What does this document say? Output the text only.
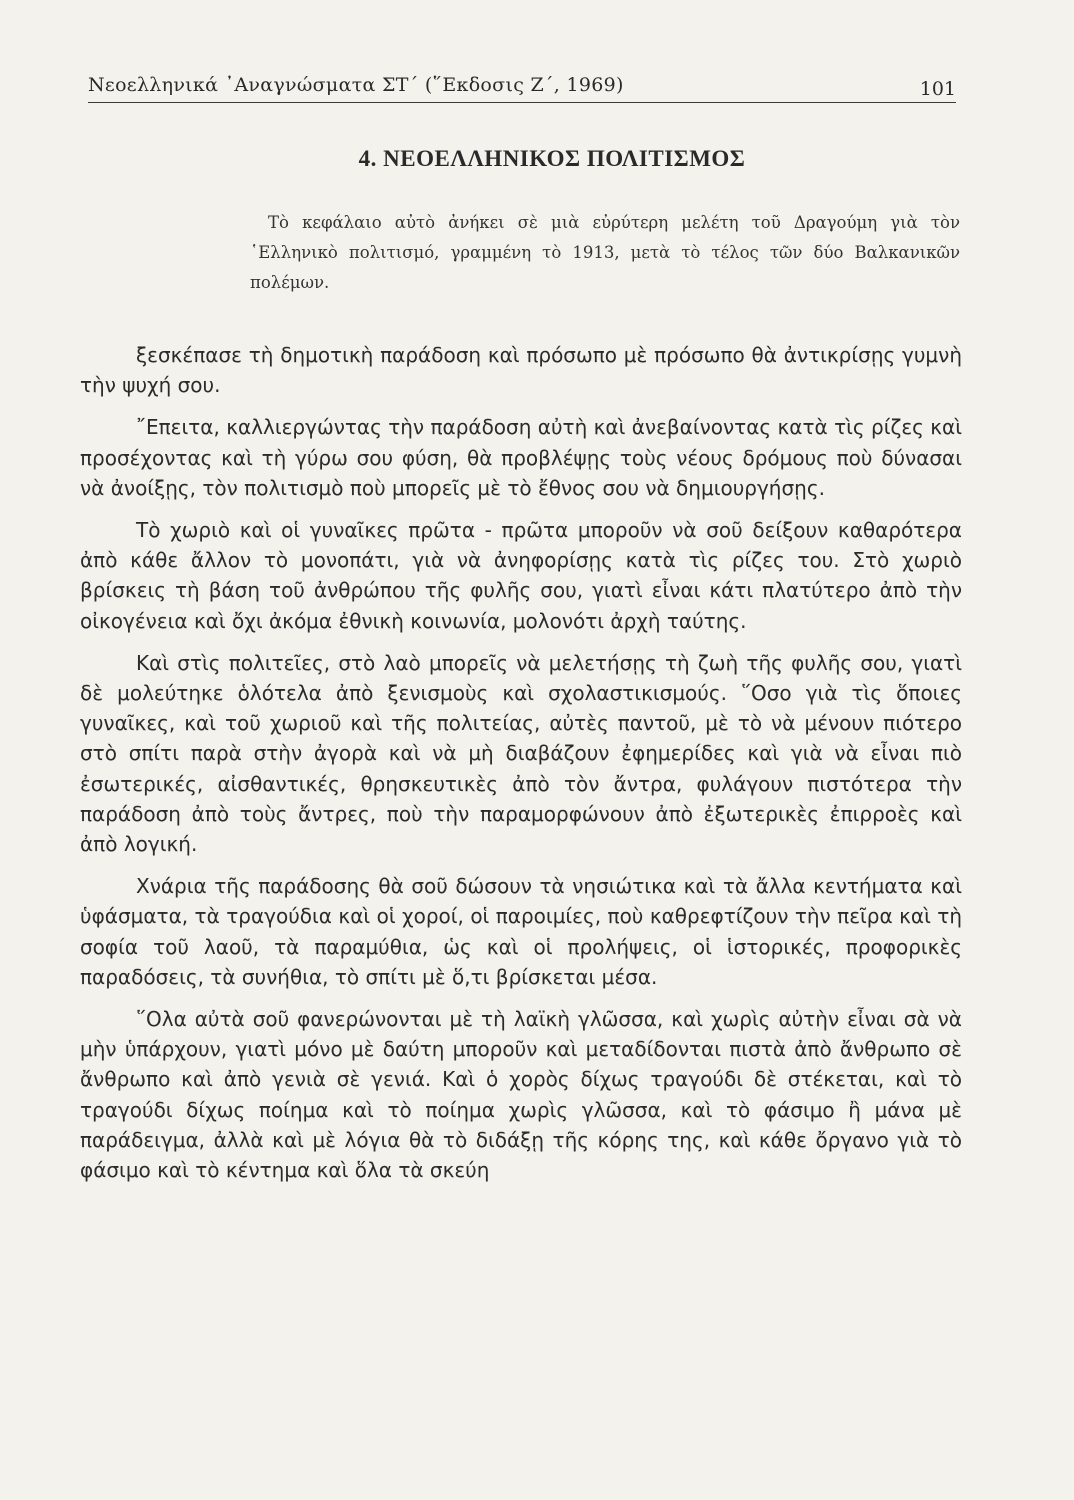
Νεοελληνικά ᾿Αναγνώσματα ΣΤ΄ (῞Εκδοσις Ζ΄, 1969)	101
4. ΝΕΟΕΛΛΗΝΙΚΟΣ ΠΟΛΙΤΙΣΜΟΣ
Τὸ κεφάλαιο αὐτὸ ἀνήκει σὲ μιὰ εὐρύτερη μελέτη τοῦ Δραγούμη γιὰ τὸν ῾Ελληνικὸ πολιτισμό, γραμμένη τὸ 1913, μετὰ τὸ τέλος τῶν δύο Βαλκανικῶν πολέμων.

ξεσκέπασε τὴ δημοτικὴ παράδοση καὶ πρόσωπο μὲ πρόσωπο θὰ ἀντικρίσῃς γυμνὴ τὴν ψυχή σου.

῎Επειτα, καλλιεργώντας τὴν παράδοση αὐτὴ καὶ ἀνεβαίνοντας κατὰ τὶς ρίζες καὶ προσέχοντας καὶ τὴ γύρω σου φύση, θὰ προβλέψῃς τοὺς νέους δρόμους ποὺ δύνασαι νὰ ἀνοίξῃς, τὸν πολιτισμὸ ποὺ μπορεῖς μὲ τὸ ἔθνος σου νὰ δημιουργήσῃς.

Τὸ χωριὸ καὶ οἱ γυναῖκες πρῶτα - πρῶτα μποροῦν νὰ σοῦ δείξουν καθαρότερα ἀπὸ κάθε ἄλλον τὸ μονοπάτι, γιὰ νὰ ἀνηφορίσῃς κατὰ τὶς ρίζες του. Στὸ χωριὸ βρίσκεις τὴ βάση τοῦ ἀνθρώπου τῆς φυλῆς σου, γιατὶ εἶναι κάτι πλατύτερο ἀπὸ τὴν οἰκογένεια καὶ ὄχι ἀκόμα ἐθνικὴ κοινωνία, μολονότι ἀρχὴ ταύτης.

Καὶ στὶς πολιτεῖες, στὸ λαὸ μπορεῖς νὰ μελετήσῃς τὴ ζωὴ τῆς φυλῆς σου, γιατὶ δὲ μολεύτηκε ὁλότελα ἀπὸ ξενισμοὺς καὶ σχολαστικισμούς. ῞Οσο γιὰ τὶς ὅποιες γυναῖκες, καὶ τοῦ χωριοῦ καὶ τῆς πολιτείας, αὐτὲς παντοῦ, μὲ τὸ νὰ μένουν πιότερο στὸ σπίτι παρὰ στὴν ἀγορὰ καὶ νὰ μὴ διαβάζουν ἐφημερίδες καὶ γιὰ νὰ εἶναι πιὸ ἐσωτερικές, αἰσθαντικές, θρησκευτικὲς ἀπὸ τὸν ἄντρα, φυλάγουν πιστότερα τὴν παράδοση ἀπὸ τοὺς ἄντρες, ποὺ τὴν παραμορφώνουν ἀπὸ ἐξωτερικὲς ἐπιρροὲς καὶ ἀπὸ λογική.

Χνάρια τῆς παράδοσης θὰ σοῦ δώσουν τὰ νησιώτικα καὶ τὰ ἄλλα κεντήματα καὶ ὑφάσματα, τὰ τραγούδια καὶ οἱ χοροί, οἱ παροιμίες, ποὺ καθρεφτίζουν τὴν πεῖρα καὶ τὴ σοφία τοῦ λαοῦ, τὰ παραμύθια, ὡς καὶ οἱ προλήψεις, οἱ ἱστορικές, προφορικὲς παραδόσεις, τὰ συνήθια, τὸ σπίτι μὲ ὅ,τι βρίσκεται μέσα.

῞Ολα αὐτὰ σοῦ φανερώνονται μὲ τὴ λαϊκὴ γλῶσσα, καὶ χωρὶς αὐτὴν εἶναι σὰ νὰ μὴν ὑπάρχουν, γιατὶ μόνο μὲ δαύτη μποροῦν καὶ μεταδίδονται πιστὰ ἀπὸ ἄνθρωπο σὲ ἄνθρωπο καὶ ἀπὸ γενιὰ σὲ γενιά. Καὶ ὁ χορὸς δίχως τραγούδι δὲ στέκεται, καὶ τὸ τραγούδι δίχως ποίημα καὶ τὸ ποίημα χωρὶς γλῶσσα, καὶ τὸ φάσιμο ἢ μάνα μὲ παράδειγμα, ἀλλὰ καὶ μὲ λόγια θὰ τὸ διδάξῃ τῆς κόρης της, καὶ κάθε ὄργανο γιὰ τὸ φάσιμο καὶ τὸ κέντημα καὶ ὅλα τὰ σκεύη
